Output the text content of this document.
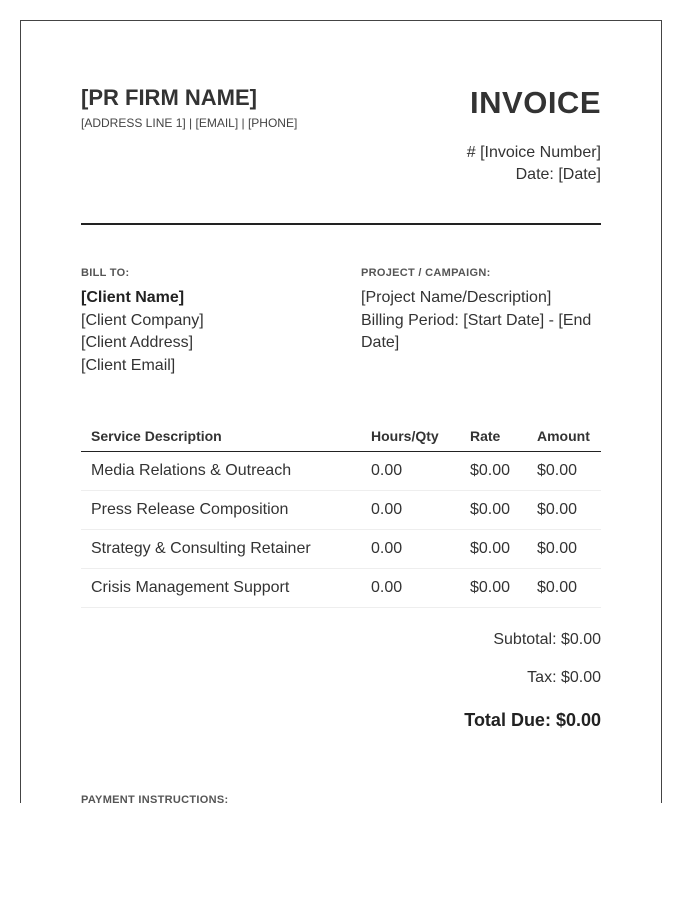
[PR FIRM NAME]
[ADDRESS LINE 1] | [EMAIL] | [PHONE]
INVOICE
# [Invoice Number]
Date: [Date]
BILL TO:
[Client Name]
[Client Company]
[Client Address]
[Client Email]
PROJECT / CAMPAIGN:
[Project Name/Description]
Billing Period: [Start Date] - [End Date]
Service Description	Hours/Qty	Rate	Amount
Media Relations & Outreach	0.00	$0.00	$0.00
Press Release Composition	0.00	$0.00	$0.00
Strategy & Consulting Retainer	0.00	$0.00	$0.00
Crisis Management Support	0.00	$0.00	$0.00
Subtotal: $0.00
Tax: $0.00
Total Due: $0.00
PAYMENT INSTRUCTIONS:
